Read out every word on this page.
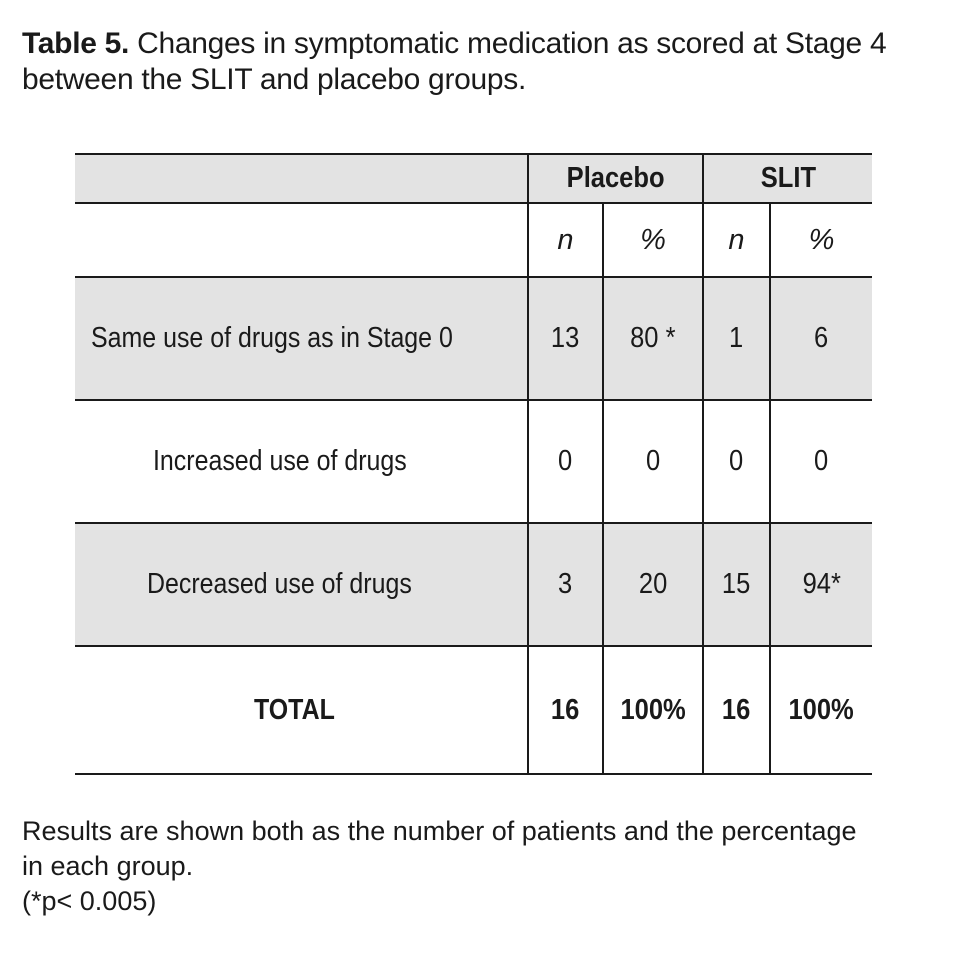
Table 5. Changes in symptomatic medication as scored at Stage 4 between the SLIT and placebo groups.
	Placebo		SLIT	
	n	%	n	%
Same use of drugs as in Stage 0	13	80 *	1	6
Increased use of drugs	0	0	0	0
Decreased use of drugs	3	20	15	94*
TOTAL	16	100%	16	100%
Results are shown both as the number of patients and the percentage
in each group.
(*p< 0.005)
